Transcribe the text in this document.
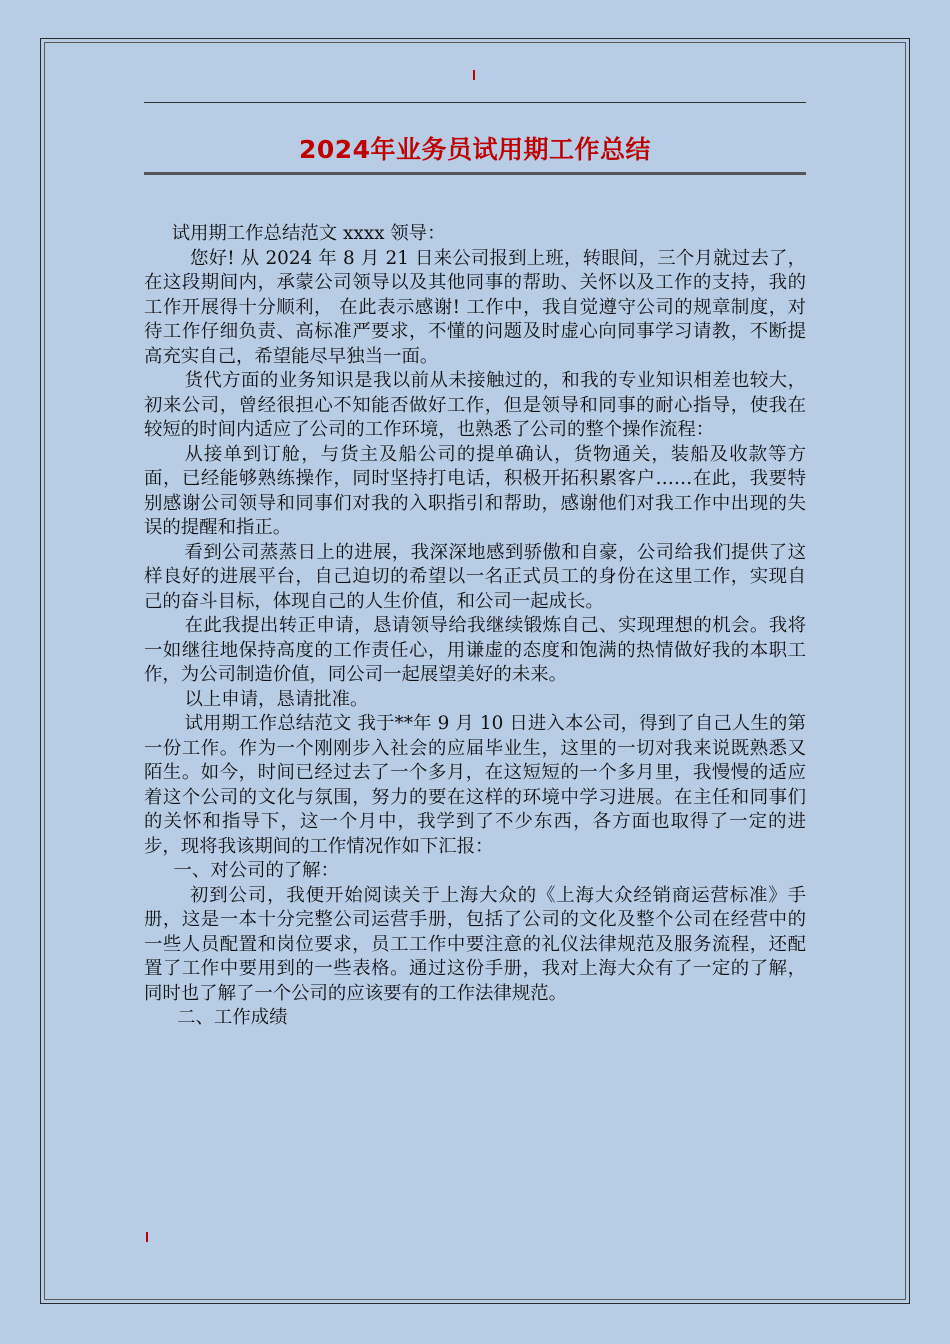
2024年业务员试用期工作总结

试用期工作总结范文 xxxx 领导：

您好! 从 2024 年 8 月 21 日来公司报到上班，转眼间，三个月就过去了，在这段期间内，承蒙公司领导以及其他同事的帮助、关怀以及工作的支持，我的工作开展得十分顺利， 在此表示感谢! 工作中，我自觉遵守公司的规章制度，对待工作仔细负责、高标准严要求，不懂的问题及时虚心向同事学习请教，不断提高充实自己，希望能尽早独当一面。

货代方面的业务知识是我以前从未接触过的，和我的专业知识相差也较大，初来公司，曾经很担心不知能否做好工作，但是领导和同事的耐心指导，使我在较短的时间内适应了公司的工作环境，也熟悉了公司的整个操作流程：

从接单到订舱，与货主及船公司的提单确认，货物通关，装船及收款等方面，已经能够熟练操作，同时坚持打电话，积极开拓积累客户……在此，我要特别感谢公司领导和同事们对我的入职指引和帮助，感谢他们对我工作中出现的失误的提醒和指正。

看到公司蒸蒸日上的进展，我深深地感到骄傲和自豪，公司给我们提供了这样良好的进展平台，自己迫切的希望以一名正式员工的身份在这里工作，实现自己的奋斗目标，体现自己的人生价值，和公司一起成长。

在此我提出转正申请，恳请领导给我继续锻炼自己、实现理想的机会。我将一如继往地保持高度的工作责任心，用谦虚的态度和饱满的热情做好我的本职工作，为公司制造价值，同公司一起展望美好的未来。

以上申请，恳请批准。

试用期工作总结范文 我于**年 9 月 10 日进入本公司，得到了自己人生的第一份工作。作为一个刚刚步入社会的应届毕业生，这里的一切对我来说既熟悉又陌生。如今，时间已经过去了一个多月，在这短短的一个多月里，我慢慢的适应着这个公司的文化与氛围，努力的要在这样的环境中学习进展。在主任和同事们的关怀和指导下，这一个月中，我学到了不少东西，各方面也取得了一定的进步，现将我该期间的工作情况作如下汇报：

一、对公司的了解：

初到公司，我便开始阅读关于上海大众的《上海大众经销商运营标准》手册，这是一本十分完整公司运营手册，包括了公司的文化及整个公司在经营中的一些人员配置和岗位要求，员工工作中要注意的礼仪法律规范及服务流程，还配置了工作中要用到的一些表格。通过这份手册，我对上海大众有了一定的了解，同时也了解了一个公司的应该要有的工作法律规范。

二、工作成绩
